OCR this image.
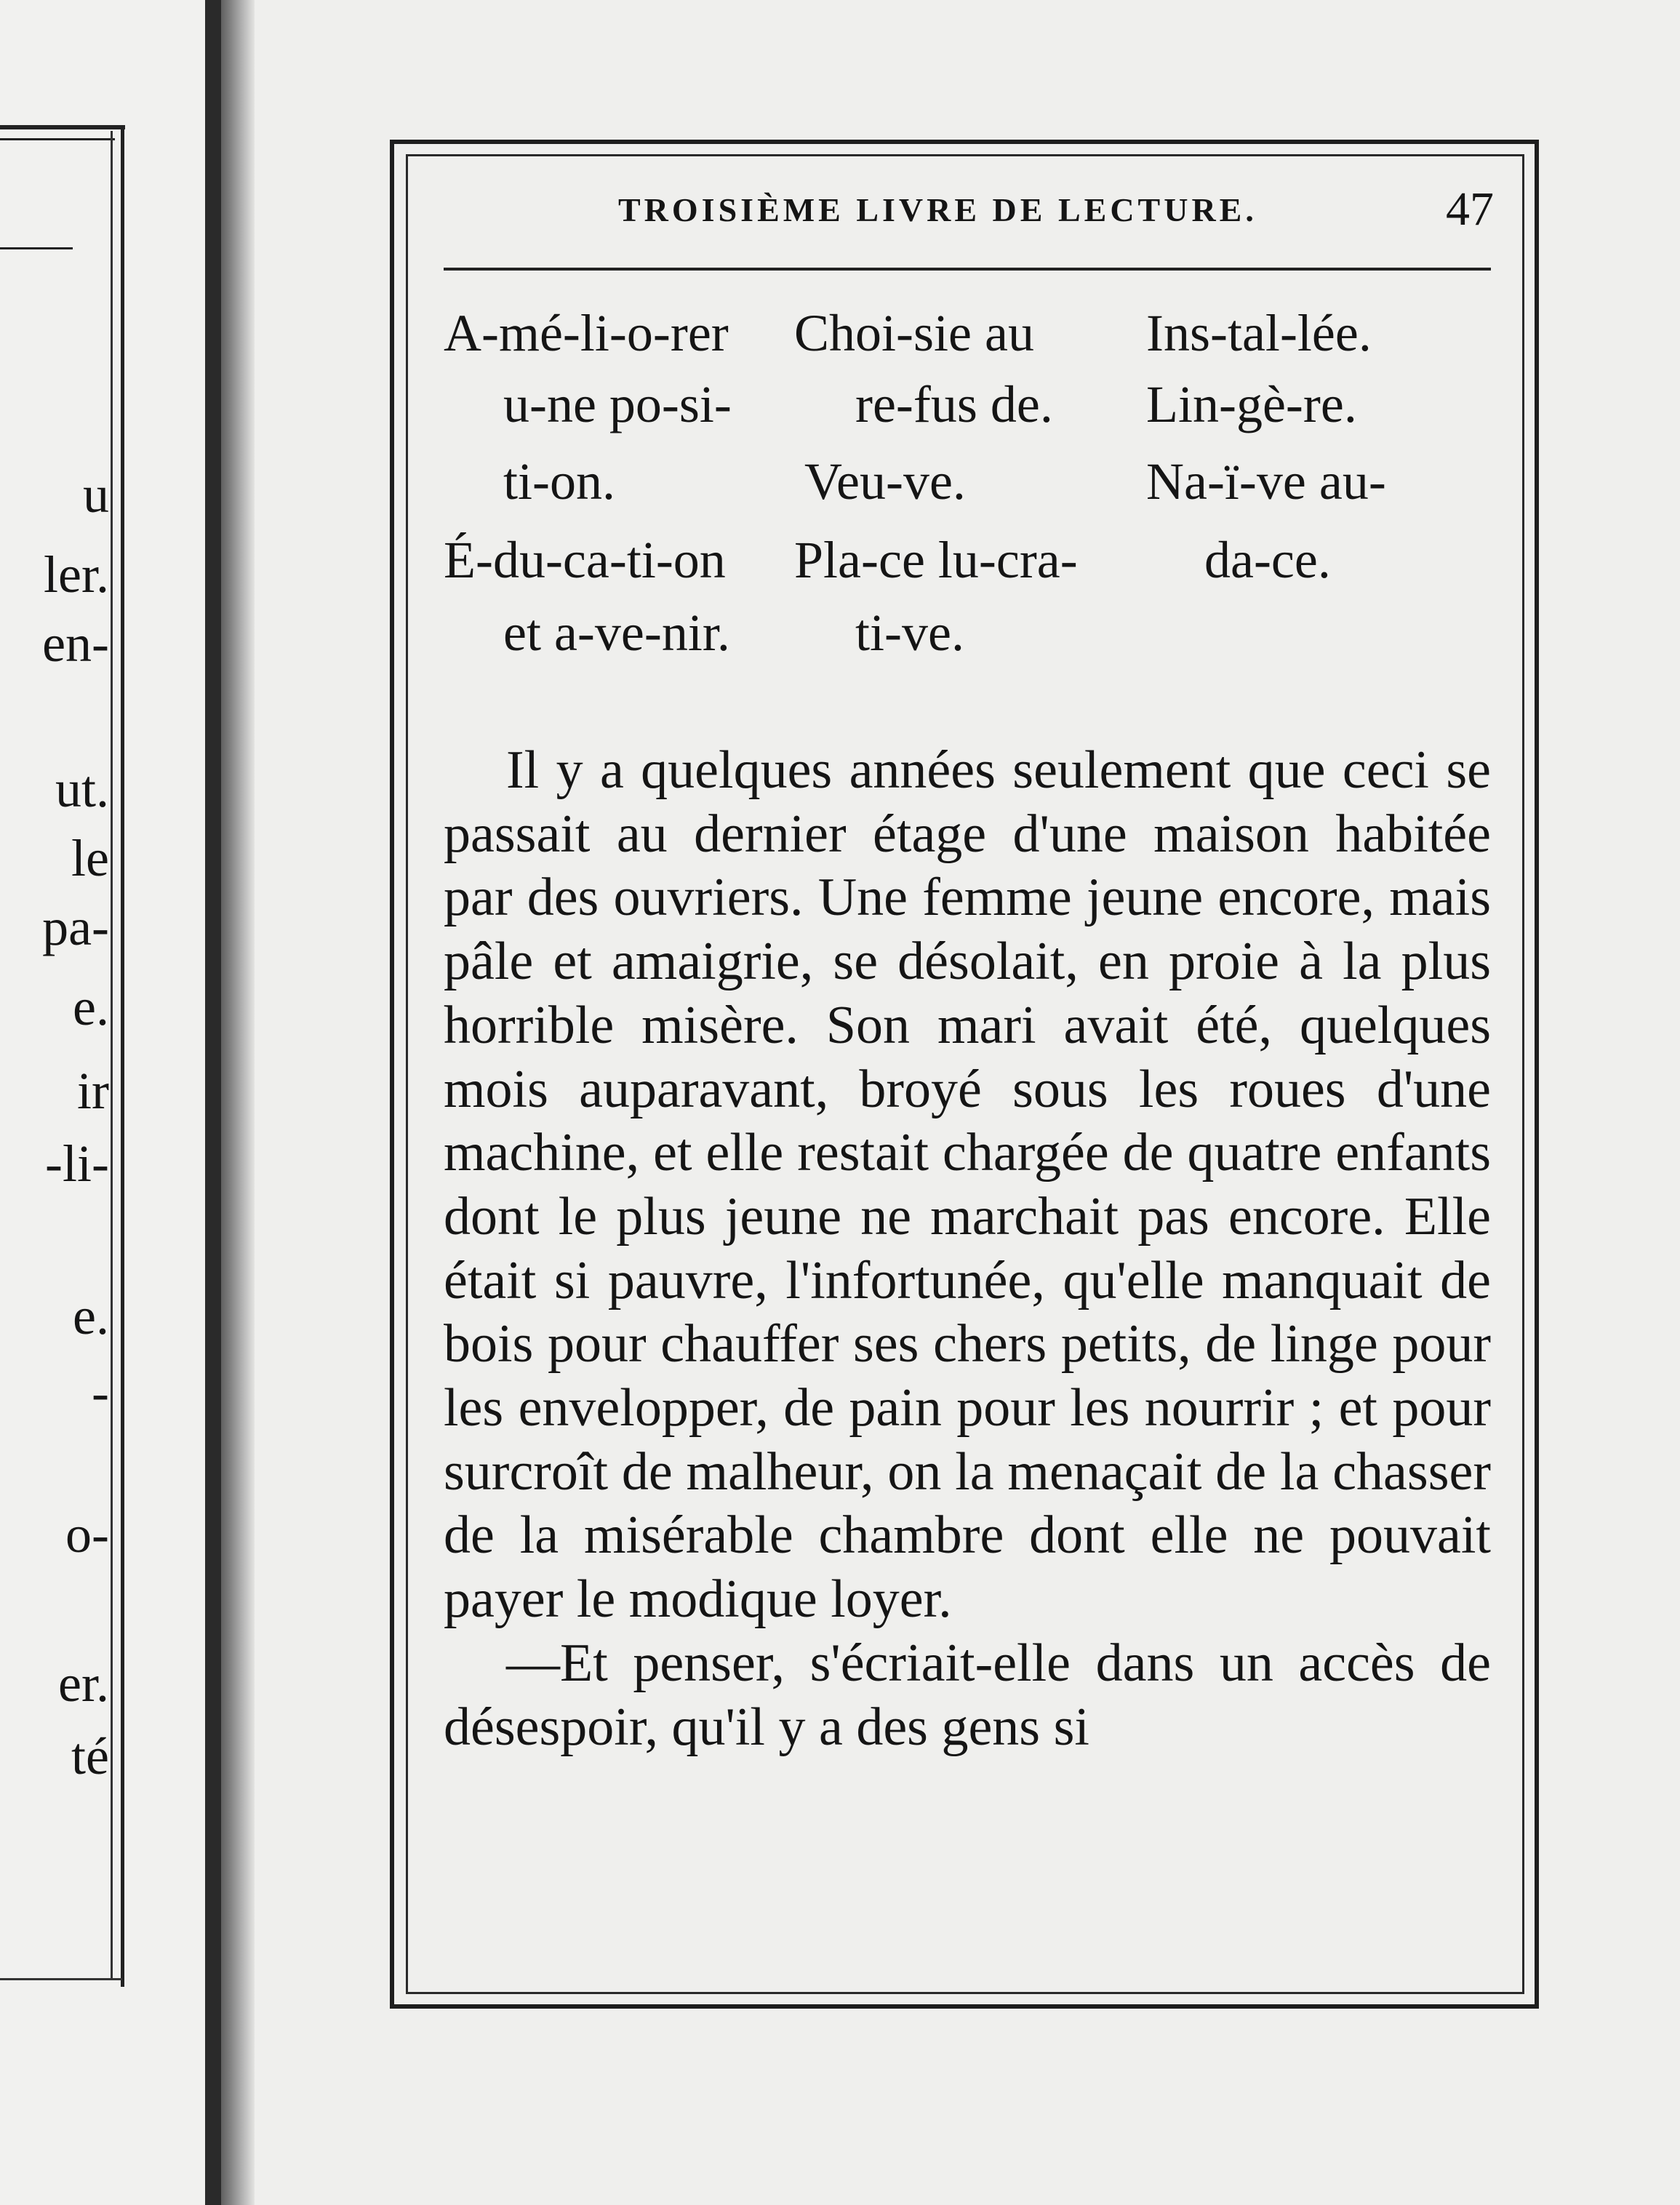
u
ler.
en-
ut.
le
pa-
e.
ir
-li-
e.
-
o-
er.
té
TROISIÈME LIVRE DE LECTURE.	47
A-mé-li-o-rer
u-ne po-si-
ti-on.
É-du-ca-ti-on
et a-ve-nir.
Choi-sie au
re-fus de.
Veu-ve.
Pla-ce lu-cra-
ti-ve.
Ins-tal-lée.
Lin-gè-re.
Na-ï-ve au-
da-ce.

Il y a quelques années seulement que ceci se passait au dernier étage d'une maison habitée par des ouvriers. Une femme jeune encore, mais pâle et amaigrie, se désolait, en proie à la plus horrible misère. Son mari avait été, quelques mois auparavant, broyé sous les roues d'une machine, et elle restait chargée de quatre enfants dont le plus jeune ne marchait pas encore. Elle était si pauvre, l'infortunée, qu'elle manquait de bois pour chauffer ses chers petits, de linge pour les envelopper, de pain pour les nourrir ; et pour surcroît de malheur, on la menaçait de la chasser de la misérable chambre dont elle ne pouvait payer le modique loyer.

—Et penser, s'écriait-elle dans un accès de désespoir, qu'il y a des gens si
